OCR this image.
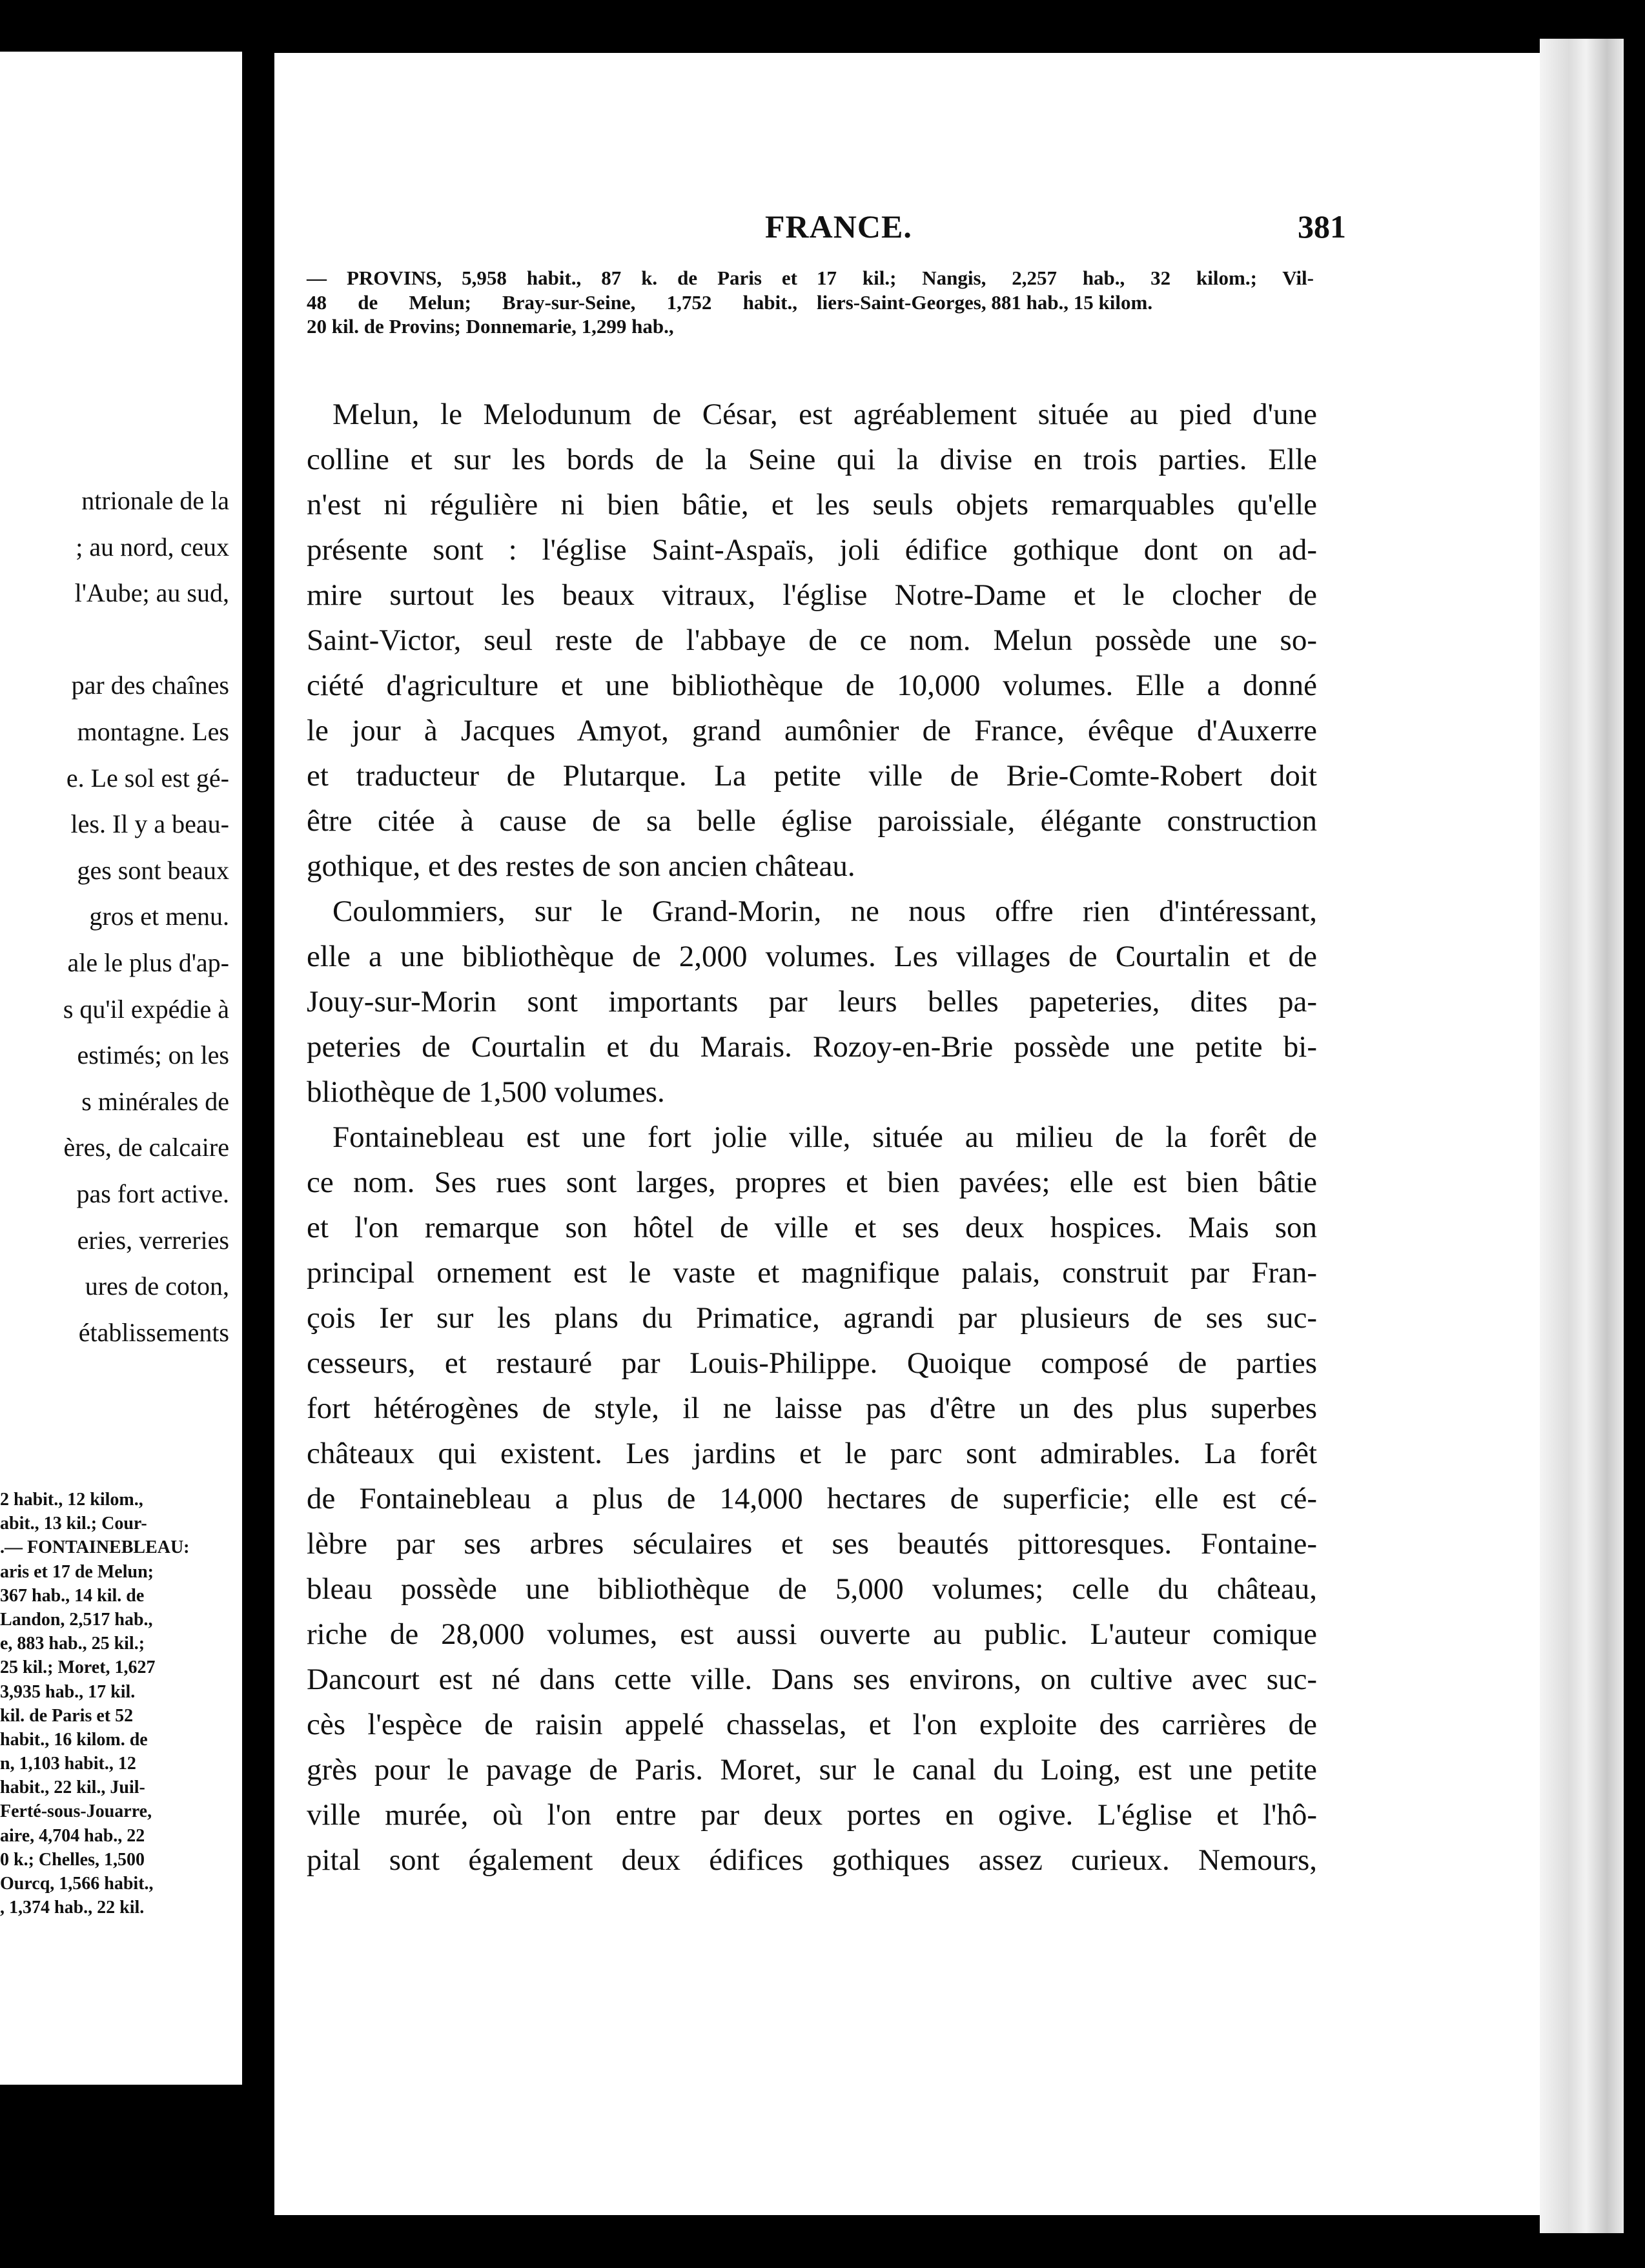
ntrionale de la
; au nord, ceux
l'Aube; au sud,
par des chaînes
montagne. Les
e. Le sol est gé-
les. Il y a beau-
ges sont beaux
gros et menu.
ale le plus d'ap-
s qu'il expédie à
estimés; on les
s minérales de
ères, de calcaire
pas fort active.
eries, verreries
ures de coton,
établissements
2 habit., 12 kilom.,
abit., 13 kil.; Cour-
.— FONTAINEBLEAU:
aris et 17 de Melun;
367 hab., 14 kil. de
Landon, 2,517 hab.,
e, 883 hab., 25 kil.;
25 kil.; Moret, 1,627
3,935 hab., 17 kil.
kil. de Paris et 52
habit., 16 kilom. de
n, 1,103 habit., 12
habit., 22 kil., Juil-
Ferté-sous-Jouarre,
aire, 4,704 hab., 22
0 k.; Chelles, 1,500
Ourcq, 1,566 habit.,
, 1,374 hab., 22 kil.
FRANCE.	381
— PROVINS, 5,958 habit., 87 k. de Paris et
48 de Melun; Bray-sur-Seine, 1,752 habit.,
20 kil. de Provins; Donnemarie, 1,299 hab.,
17 kil.; Nangis, 2,257 hab., 32 kilom.; Vil-
liers-Saint-Georges, 881 hab., 15 kilom.
Melun, le Melodunum de César, est agréablement située au pied d'une
colline et sur les bords de la Seine qui la divise en trois parties. Elle
n'est ni régulière ni bien bâtie, et les seuls objets remarquables qu'elle
présente sont : l'église Saint-Aspaïs, joli édifice gothique dont on ad-
mire surtout les beaux vitraux, l'église Notre-Dame et le clocher de
Saint-Victor, seul reste de l'abbaye de ce nom. Melun possède une so-
ciété d'agriculture et une bibliothèque de 10,000 volumes. Elle a donné
le jour à Jacques Amyot, grand aumônier de France, évêque d'Auxerre
et traducteur de Plutarque. La petite ville de Brie-Comte-Robert doit
être citée à cause de sa belle église paroissiale, élégante construction
gothique, et des restes de son ancien château.
Coulommiers, sur le Grand-Morin, ne nous offre rien d'intéressant,
elle a une bibliothèque de 2,000 volumes. Les villages de Courtalin et de
Jouy-sur-Morin sont importants par leurs belles papeteries, dites pa-
peteries de Courtalin et du Marais. Rozoy-en-Brie possède une petite bi-
bliothèque de 1,500 volumes.
Fontainebleau est une fort jolie ville, située au milieu de la forêt de
ce nom. Ses rues sont larges, propres et bien pavées; elle est bien bâtie
et l'on remarque son hôtel de ville et ses deux hospices. Mais son
principal ornement est le vaste et magnifique palais, construit par Fran-
çois Ier sur les plans du Primatice, agrandi par plusieurs de ses suc-
cesseurs, et restauré par Louis-Philippe. Quoique composé de parties
fort hétérogènes de style, il ne laisse pas d'être un des plus superbes
châteaux qui existent. Les jardins et le parc sont admirables. La forêt
de Fontainebleau a plus de 14,000 hectares de superficie; elle est cé-
lèbre par ses arbres séculaires et ses beautés pittoresques. Fontaine-
bleau possède une bibliothèque de 5,000 volumes; celle du château,
riche de 28,000 volumes, est aussi ouverte au public. L'auteur comique
Dancourt est né dans cette ville. Dans ses environs, on cultive avec suc-
cès l'espèce de raisin appelé chasselas, et l'on exploite des carrières de
grès pour le pavage de Paris. Moret, sur le canal du Loing, est une petite
ville murée, où l'on entre par deux portes en ogive. L'église et l'hô-
pital sont également deux édifices gothiques assez curieux. Nemours,
